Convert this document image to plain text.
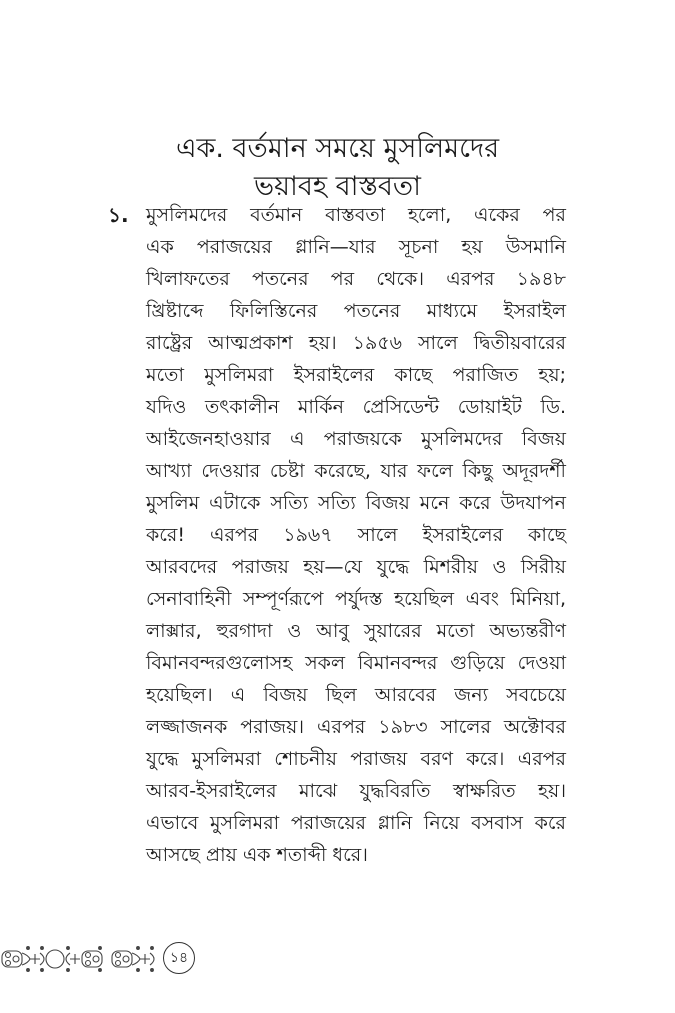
এক. বর্তমান সময়ে মুসলিমদের
ভয়াবহ বাস্তবতা
১. মুসলিমদের বর্তমান বাস্তবতা হলো, একের পর
এক পরাজয়ের গ্লানি—যার সূচনা হয় উসমানি
খিলাফতের পতনের পর থেকে। এরপর ১৯৪৮
খ্রিষ্টাব্দে ফিলিস্তিনের পতনের মাধ্যমে ইসরাইল
রাষ্ট্রের আত্মপ্রকাশ হয়। ১৯৫৬ সালে দ্বিতীয়বারের
মতো মুসলিমরা ইসরাইলের কাছে পরাজিত হয়;
যদিও তৎকালীন মার্কিন প্রেসিডেন্ট ডোয়াইট ডি.
আইজেনহাওয়ার এ পরাজয়কে মুসলিমদের বিজয়
আখ্যা দেওয়ার চেষ্টা করেছে, যার ফলে কিছু অদূরদর্শী
মুসলিম এটাকে সত্যি সত্যি বিজয় মনে করে উদযাপন
করে! এরপর ১৯৬৭ সালে ইসরাইলের কাছে
আরবদের পরাজয় হয়—যে যুদ্ধে মিশরীয় ও সিরীয়
সেনাবাহিনী সম্পূর্ণরূপে পর্যুদস্ত হয়েছিল এবং মিনিয়া,
লাক্সার, হুরগাদা ও আবু সুয়ারের মতো অভ্যন্তরীণ
বিমানবন্দরগুলোসহ সকল বিমানবন্দর গুড়িয়ে দেওয়া
হয়েছিল। এ বিজয় ছিল আরবের জন্য সবচেয়ে
লজ্জাজনক পরাজয়। এরপর ১৯৮৩ সালের অক্টোবর
যুদ্ধে মুসলিমরা শোচনীয় পরাজয় বরণ করে। এরপর
আরব-ইসরাইলের মাঝে যুদ্ধবিরতি স্বাক্ষরিত হয়।
এভাবে মুসলিমরা পরাজয়ের গ্লানি নিয়ে বসবাস করে
আসছে প্রায় এক শতাব্দী ধরে।
১৪
